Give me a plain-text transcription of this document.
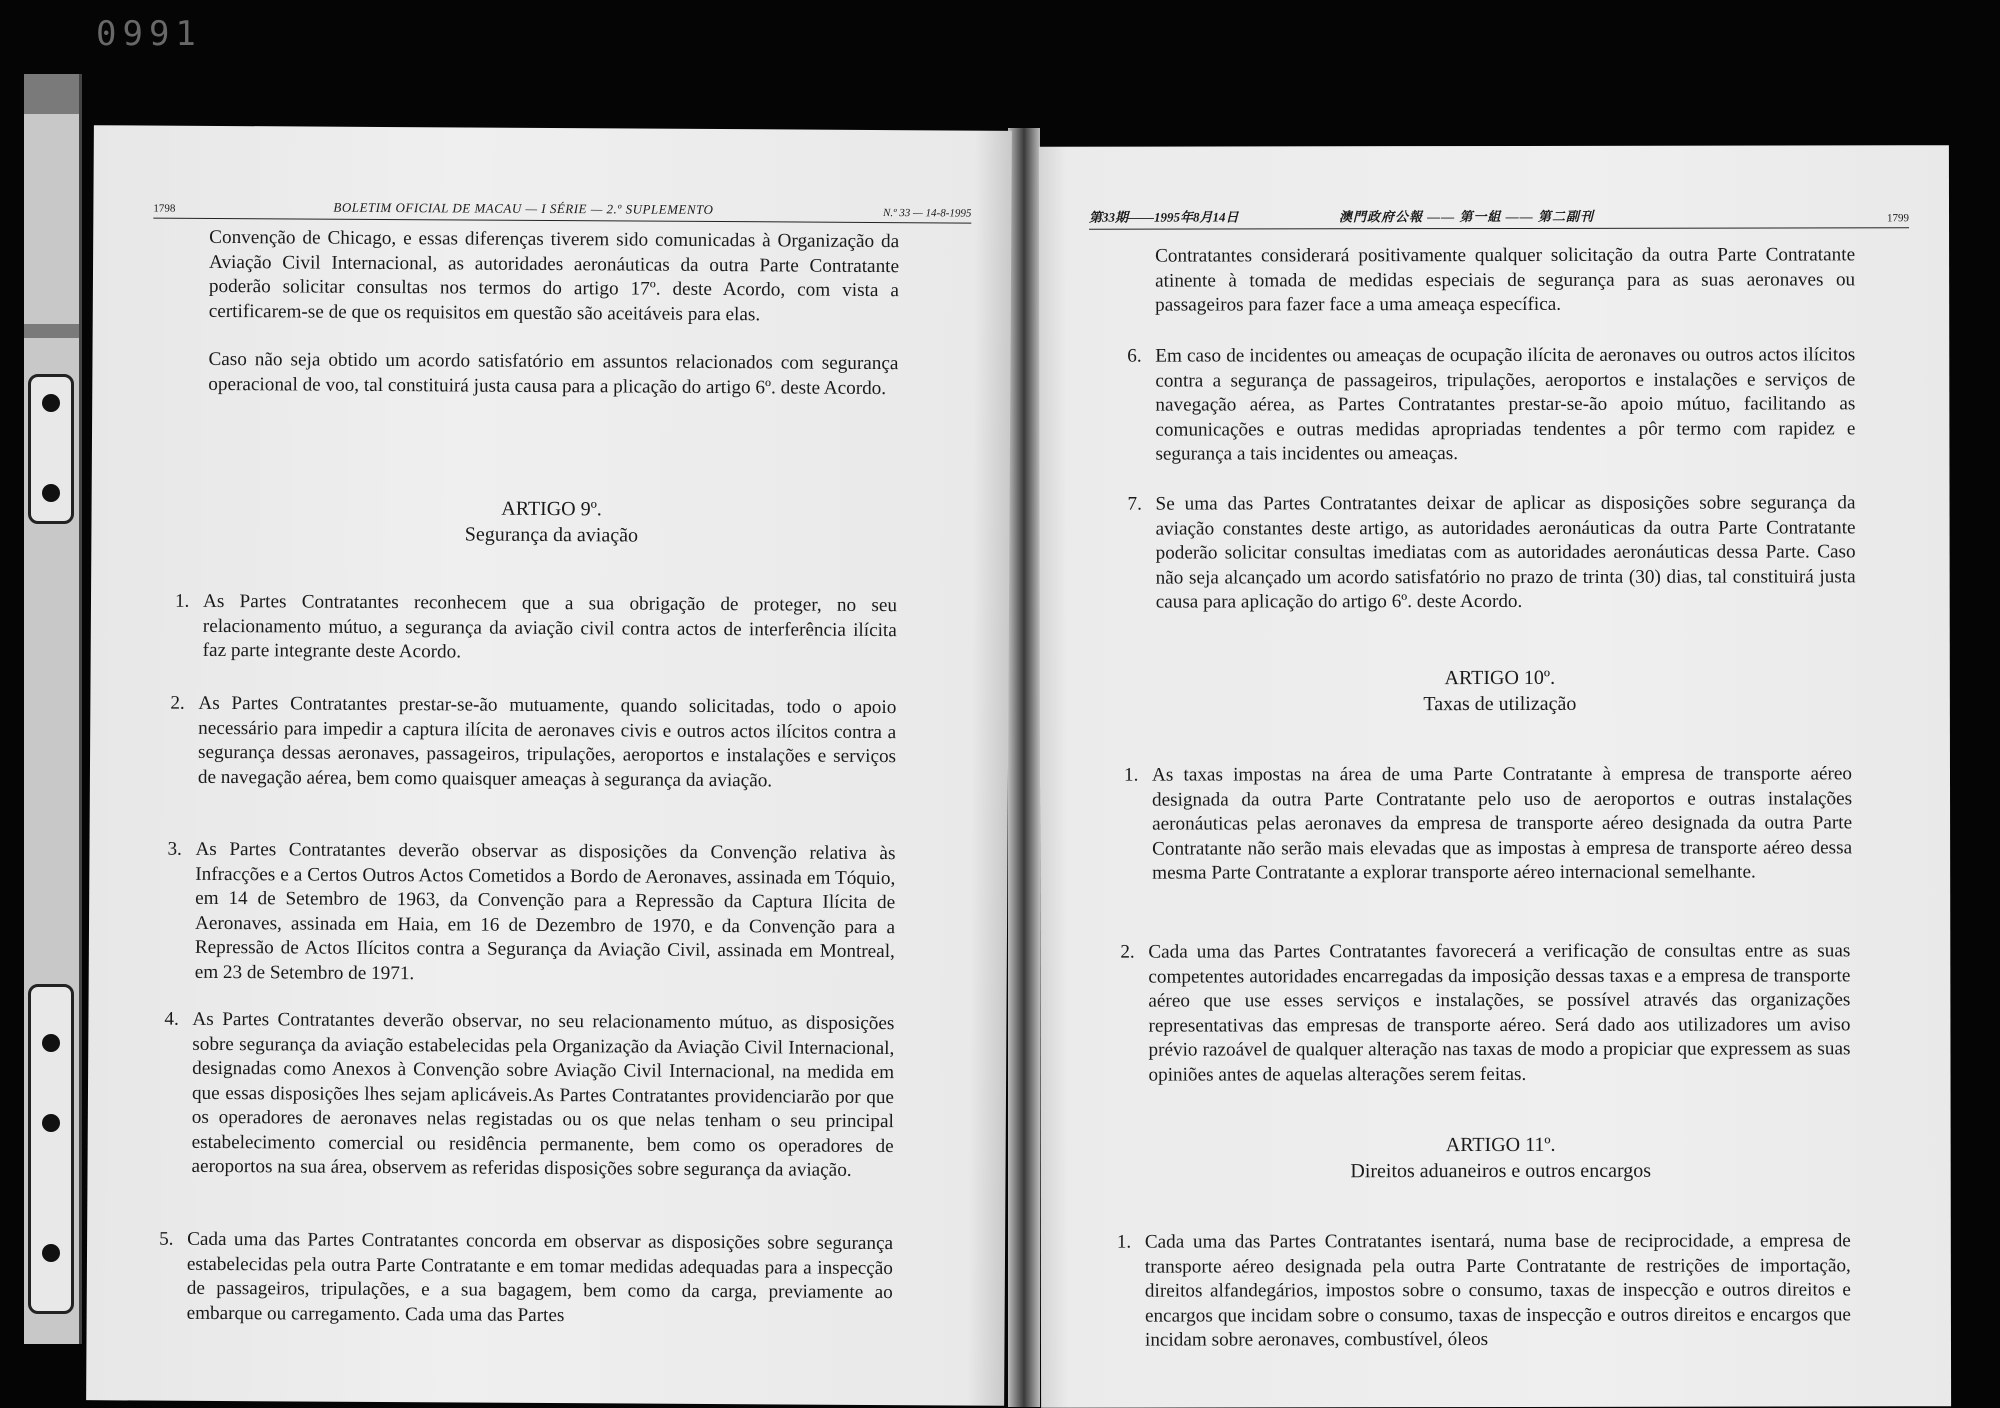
0991
1798	BOLETIM OFICIAL DE MACAU — I SÉRIE — 2.º SUPLEMENTO	N.º 33 — 14-8-1995
Convenção de Chicago, e essas diferenças tiverem sido comunicadas à Organização da Aviação Civil Internacional, as autoridades aeronáuticas da outra Parte Contratante poderão solicitar consultas nos termos do artigo 17º. deste Acordo, com vista a certificarem-se de que os requisitos em questão são aceitáveis para elas.
Caso não seja obtido um acordo satisfatório em assuntos relacionados com segurança operacional de voo, tal constituirá justa causa para a plicação do artigo 6º. deste Acordo.
ARTIGO 9º.
Segurança da aviação
1. As Partes Contratantes reconhecem que a sua obrigação de proteger, no seu relacionamento mútuo, a segurança da aviação civil contra actos de interferência ilícita faz parte integrante deste Acordo.
2. As Partes Contratantes prestar-se-ão mutuamente, quando solicitadas, todo o apoio necessário para impedir a captura ilícita de aeronaves civis e outros actos ilícitos contra a segurança dessas aeronaves, passageiros, tripulações, aeroportos e instalações e serviços de navegação aérea, bem como quaisquer ameaças à segurança da aviação.
3. As Partes Contratantes deverão observar as disposições da Convenção relativa às Infracções e a Certos Outros Actos Cometidos a Bordo de Aeronaves, assinada em Tóquio, em 14 de Setembro de 1963, da Convenção para a Repressão da Captura Ilícita de Aeronaves, assinada em Haia, em 16 de Dezembro de 1970, e da Convenção para a Repressão de Actos Ilícitos contra a Segurança da Aviação Civil, assinada em Montreal, em 23 de Setembro de 1971.
4. As Partes Contratantes deverão observar, no seu relacionamento mútuo, as disposições sobre segurança da aviação estabelecidas pela Organização da Aviação Civil Internacional, designadas como Anexos à Convenção sobre Aviação Civil Internacional, na medida em que essas disposições lhes sejam aplicáveis.As Partes Contratantes providenciarão por que os operadores de aeronaves nelas registadas ou os que nelas tenham o seu principal estabelecimento comercial ou residência permanente, bem como os operadores de aeroportos na sua área, observem as referidas disposições sobre segurança da aviação.
5. Cada uma das Partes Contratantes concorda em observar as disposições sobre segurança estabelecidas pela outra Parte Contratante e em tomar medidas adequadas para a inspecção de passageiros, tripulações, e a sua bagagem, bem como da carga, previamente ao embarque ou carregamento. Cada uma das Partes
第33期——1995年8月14日	澳門政府公報 —— 第一組 —— 第二副刊	1799
Contratantes considerará positivamente qualquer solicitação da outra Parte Contratante atinente à tomada de medidas especiais de segurança para as suas aeronaves ou passageiros para fazer face a uma ameaça específica.
6. Em caso de incidentes ou ameaças de ocupação ilícita de aeronaves ou outros actos ilícitos contra a segurança de passageiros, tripulações, aeroportos e instalações e serviços de navegação aérea, as Partes Contratantes prestar-se-ão apoio mútuo, facilitando as comunicações e outras medidas apropriadas tendentes a pôr termo com rapidez e segurança a tais incidentes ou ameaças.
7. Se uma das Partes Contratantes deixar de aplicar as disposições sobre segurança da aviação constantes deste artigo, as autoridades aeronáuticas da outra Parte Contratante poderão solicitar consultas imediatas com as autoridades aeronáuticas dessa Parte. Caso não seja alcançado um acordo satisfatório no prazo de trinta (30) dias, tal constituirá justa causa para aplicação do artigo 6º. deste Acordo.
ARTIGO 10º.
Taxas de utilização
1. As taxas impostas na área de uma Parte Contratante à empresa de transporte aéreo designada da outra Parte Contratante pelo uso de aeroportos e outras instalações aeronáuticas pelas aeronaves da empresa de transporte aéreo designada da outra Parte Contratante não serão mais elevadas que as impostas à empresa de transporte aéreo dessa mesma Parte Contratante a explorar transporte aéreo internacional semelhante.
2. Cada uma das Partes Contratantes favorecerá a verificação de consultas entre as suas competentes autoridades encarregadas da imposição dessas taxas e a empresa de transporte aéreo que use esses serviços e instalações, se possível através das organizações representativas das empresas de transporte aéreo. Será dado aos utilizadores um aviso prévio razoável de qualquer alteração nas taxas de modo a propiciar que expressem as suas opiniões antes de aquelas alterações serem feitas.
ARTIGO 11º.
Direitos aduaneiros e outros encargos
1. Cada uma das Partes Contratantes isentará, numa base de reciprocidade, a empresa de transporte aéreo designada pela outra Parte Contratante de restrições de importação, direitos alfandegários, impostos sobre o consumo, taxas de inspecção e outros direitos e encargos que incidam sobre o consumo, taxas de inspecção e outros direitos e encargos que incidam sobre aeronaves, combustível, óleos
